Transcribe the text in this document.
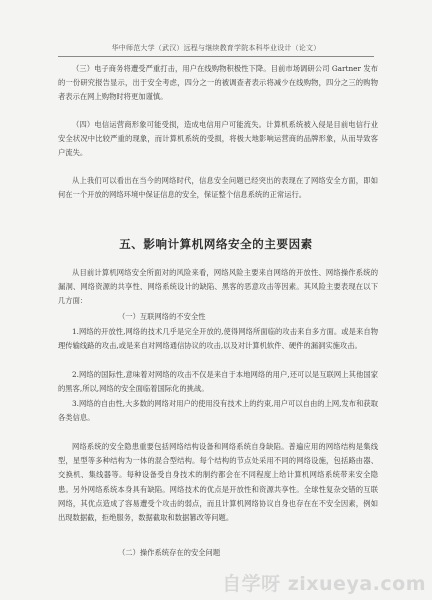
华中师范大学（武汉）远程与继续教育学院本科毕业设计（论文）
（三）电子商务将遭受严重打击，用户在线购物积极性下降。目前市场调研公司 Gartner 发布的一份研究报告显示，出于安全考虑，四分之一的被调查者表示将减少在线购物，四分之三的购物者表示在网上购物时将更加谨慎。
（四）电信运营商形象可能受损，造成电信用户可能流失。计算机系统被入侵是目前电信行业安全状况中比较严重的现象，而计算机系统的受损，将极大地影响运营商的品牌形象，从而导致客户流失。
从上我们可以看出在当今的网络时代，信息安全问题已经突出的表现在了网络安全方面，即如何在一个开放的网络环境中保证信息的安全，保证整个信息系统的正常运行。
五、影响计算机网络安全的主要因素
从目前计算机网络安全所面对的风险来看，网络风险主要来自网络的开放性、网络操作系统的漏洞、网络资源的共享性、网络系统设计的缺陷、黑客的恶意攻击等因素。其风险主要表现在以下几方面：
（一）互联网络的不安全性
1.网络的开放性,网络的技术几乎是完全开放的,使得网络所面临的攻击来自多方面。或是来自物理传输线路的攻击,或是来自对网络通信协议的攻击,以及对计算机软件、硬件的漏洞实施攻击。
2.网络的国际性,意味着对网络的攻击不仅是来自于本地网络的用户,还可以是互联网上其他国家的黑客,所以,网络的安全面临着国际化的挑战。
3.网络的自由性,大多数的网络对用户的使用没有技术上的约束,用户可以自由的上网,发布和获取各类信息。
网络系统的安全隐患重要包括网络结构设备和网络系统自身缺陷。普遍应用的网络结构是集线型，星型等多种结构为一体的混合型结构。每个结构的节点处采用不同的网络设施，包括路由器、交换机、集线器等。每种设备受自身技术的制约都会在不同程度上给计算机网络系统带来安全隐患。另外网络系统本身具有缺陷。网络技术的优点是开放性和资源共享性。全球性复杂交错的互联网络，其优点造成了容易遭受个攻击的弱点，而且计算机网络协议自身也存在在不安全因素，例如出现数据截，拒绝服务，数据截取和数据篡改等问题。
（二）操作系统存在的安全问题
自学呀 zixueya.com
